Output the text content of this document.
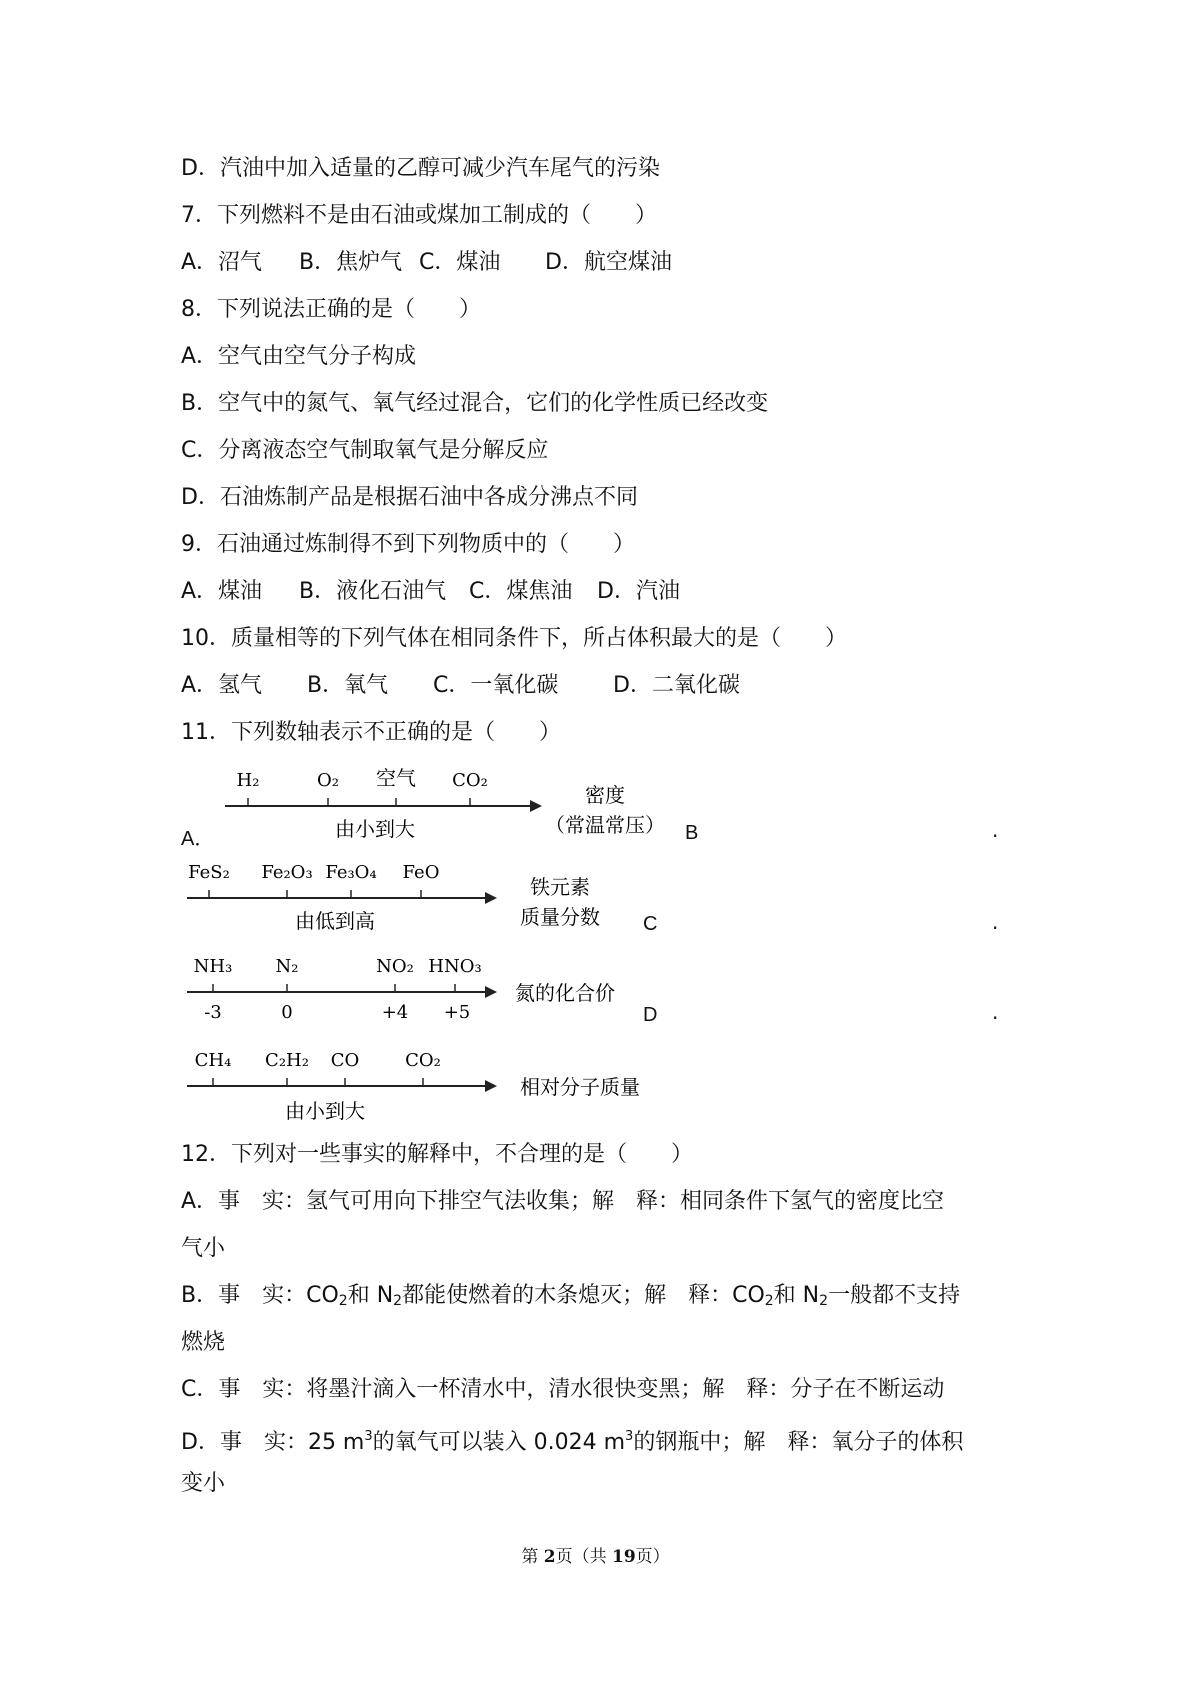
D．汽油中加入适量的乙醇可减少汽车尾气的污染
7．下列燃料不是由石油或煤加工制成的（　　）
A．沼气 B．焦炉气 C．煤油 D．航空煤油
8．下列说法正确的是（　　）
A．空气由空气分子构成
B．空气中的氮气、氧气经过混合，它们的化学性质已经改变
C．分离液态空气制取氧气是分解反应
D．石油炼制产品是根据石油中各成分沸点不同
9．石油通过炼制得不到下列物质中的（　　）
A．煤油 B．液化石油气 C．煤焦油 D．汽油
10．质量相等的下列气体在相同条件下，所占体积最大的是（　　）
A．氢气 B．氧气 C．一氧化碳 D．二氧化碳
11．下列数轴表示不正确的是（　　）
A．
H₂	O₂ 空气 CO₂
由小到大
密度
（常温常压） B	.
FeS₂ Fe₂O₃ Fe₃O₄ FeO
由低到高
铁元素
质量分数 C	.
NH₃ N₂	NO₂ HNO₃
-3	0	+4 +5
氮的化合价
D	.
CH₄ C₂H₂ CO	CO₂
由小到大
相对分子质量
12．下列对一些事实的解释中，不合理的是（　　）
A．事　实：氢气可用向下排空气法收集；解　释：相同条件下氢气的密度比空
气小
B．事　实：$CO_2$和 $N_2$都能使燃着的木条熄灭；解　释：$CO_2$和 $N_2$一般都不支持
燃烧
C．事　实：将墨汁滴入一杯清水中，清水很快变黑；解　释：分子在不断运动
D．事　实：25 $m^3$的氧气可以装入 0.024 $m^3$的钢瓶中；解　释：氧分子的体积
变小
第 2页（共 19页）
